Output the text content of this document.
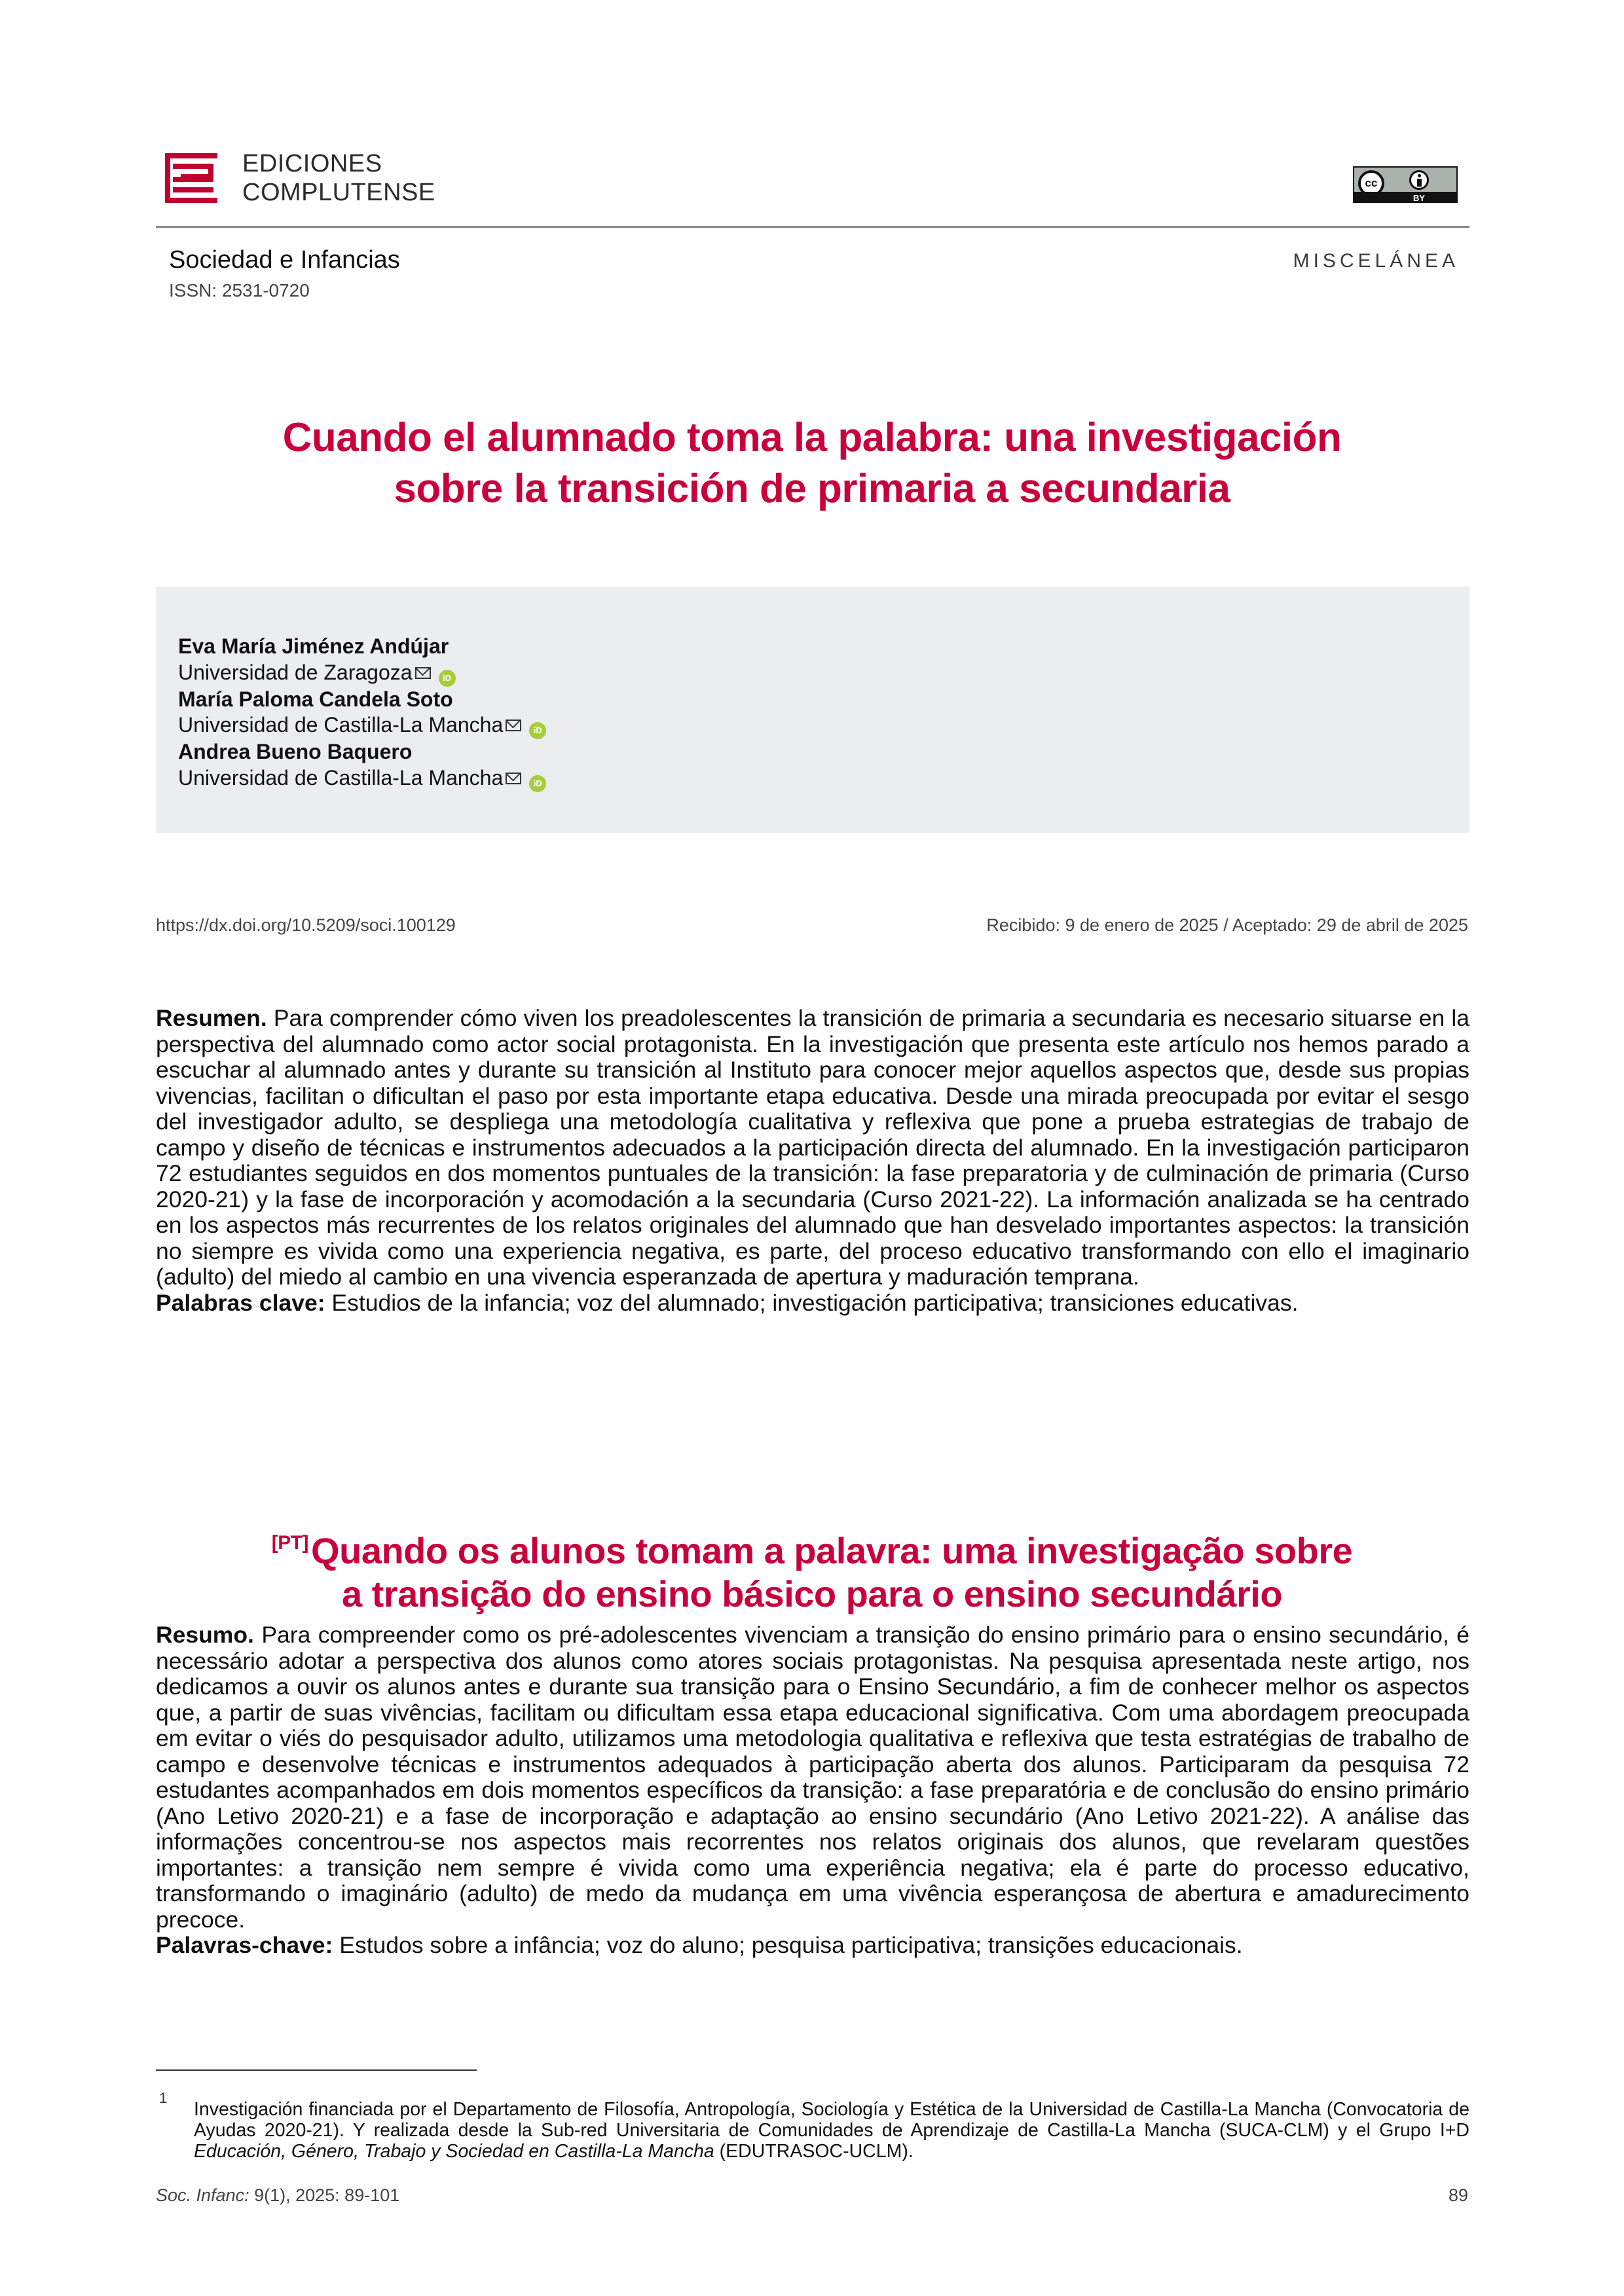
EDICIONES
COMPLUTENSE	cc
BY
Sociedad e Infancias
ISSN: 2531-0720
MISCELÁNEA
Cuando el alumnado toma la palabra: una investigación
sobre la transición de primaria a secundaria
Eva María Jiménez Andújar
Universidad de Zaragoza	iD
María Paloma Candela Soto
Universidad de Castilla-La Mancha	iD
Andrea Bueno Baquero
Universidad de Castilla-La Mancha	iD
https://dx.doi.org/10.5209/soci.100129	Recibido: 9 de enero de 2025 / Aceptado: 29 de abril de 2025
Resumen. Para comprender cómo viven los preadolescentes la transición de primaria a secundaria es necesario situarse en la perspectiva del alumnado como actor social protagonista. En la investigación que presenta este artículo nos hemos parado a escuchar al alumnado antes y durante su transición al Instituto para conocer mejor aquellos aspectos que, desde sus propias vivencias, facilitan o dificultan el paso por esta importante etapa educativa. Desde una mirada preocupada por evitar el sesgo del investigador adulto, se despliega una metodología cualitativa y reflexiva que pone a prueba estrategias de trabajo de campo y diseño de técnicas e instrumentos adecuados a la participación directa del alumnado. En la investigación participaron 72 estudiantes seguidos en dos momentos puntuales de la transición: la fase preparatoria y de culminación de primaria (Curso 2020-21) y la fase de incorporación y acomodación a la secundaria (Curso 2021-22). La información analizada se ha centrado en los aspectos más recurrentes de los relatos originales del alumnado que han desvelado importantes aspectos: la transición no siempre es vivida como una experiencia negativa, es parte, del proceso educativo transformando con ello el imaginario (adulto) del miedo al cambio en una vivencia esperanzada de apertura y maduración temprana.
Palabras clave: Estudios de la infancia; voz del alumnado; investigación participativa; transiciones educativas.
[PT]Quando os alunos tomam a palavra: uma investigação sobre
a transição do ensino básico para o ensino secundário
Resumo. Para compreender como os pré-adolescentes vivenciam a transição do ensino primário para o ensino secundário, é necessário adotar a perspectiva dos alunos como atores sociais protagonistas. Na pesquisa apresentada neste artigo, nos dedicamos a ouvir os alunos antes e durante sua transição para o Ensino Secundário, a fim de conhecer melhor os aspectos que, a partir de suas vivências, facilitam ou dificultam essa etapa educacional significativa. Com uma abordagem preocupada em evitar o viés do pesquisador adulto, utilizamos uma metodologia qualitativa e reflexiva que testa estratégias de trabalho de campo e desenvolve técnicas e instrumentos adequados à participação aberta dos alunos. Participaram da pesquisa 72 estudantes acompanhados em dois momentos específicos da transição: a fase preparatória e de conclusão do ensino primário (Ano Letivo 2020-21) e a fase de incorporação e adaptação ao ensino secundário (Ano Letivo 2021-22). A análise das informações concentrou-se nos aspectos mais recorrentes nos relatos originais dos alunos, que revelaram questões importantes: a transição nem sempre é vivida como uma experiência negativa; ela é parte do processo educativo, transformando o imaginário (adulto) de medo da mudança em uma vivência esperançosa de abertura e amadurecimento precoce.
Palavras-chave: Estudos sobre a infância; voz do aluno; pesquisa participativa; transições educacionais.
1
Investigación financiada por el Departamento de Filosofía, Antropología, Sociología y Estética de la Universidad de Castilla-La Mancha (Convocatoria de Ayudas 2020-21). Y realizada desde la Sub-red Universitaria de Comunidades de Aprendizaje de Castilla-La Mancha (SUCA-CLM) y el Grupo I+D Educación, Género, Trabajo y Sociedad en Castilla-La Mancha (EDUTRASOC-UCLM).
Soc. Infanc: 9(1), 2025: 89-101	89
